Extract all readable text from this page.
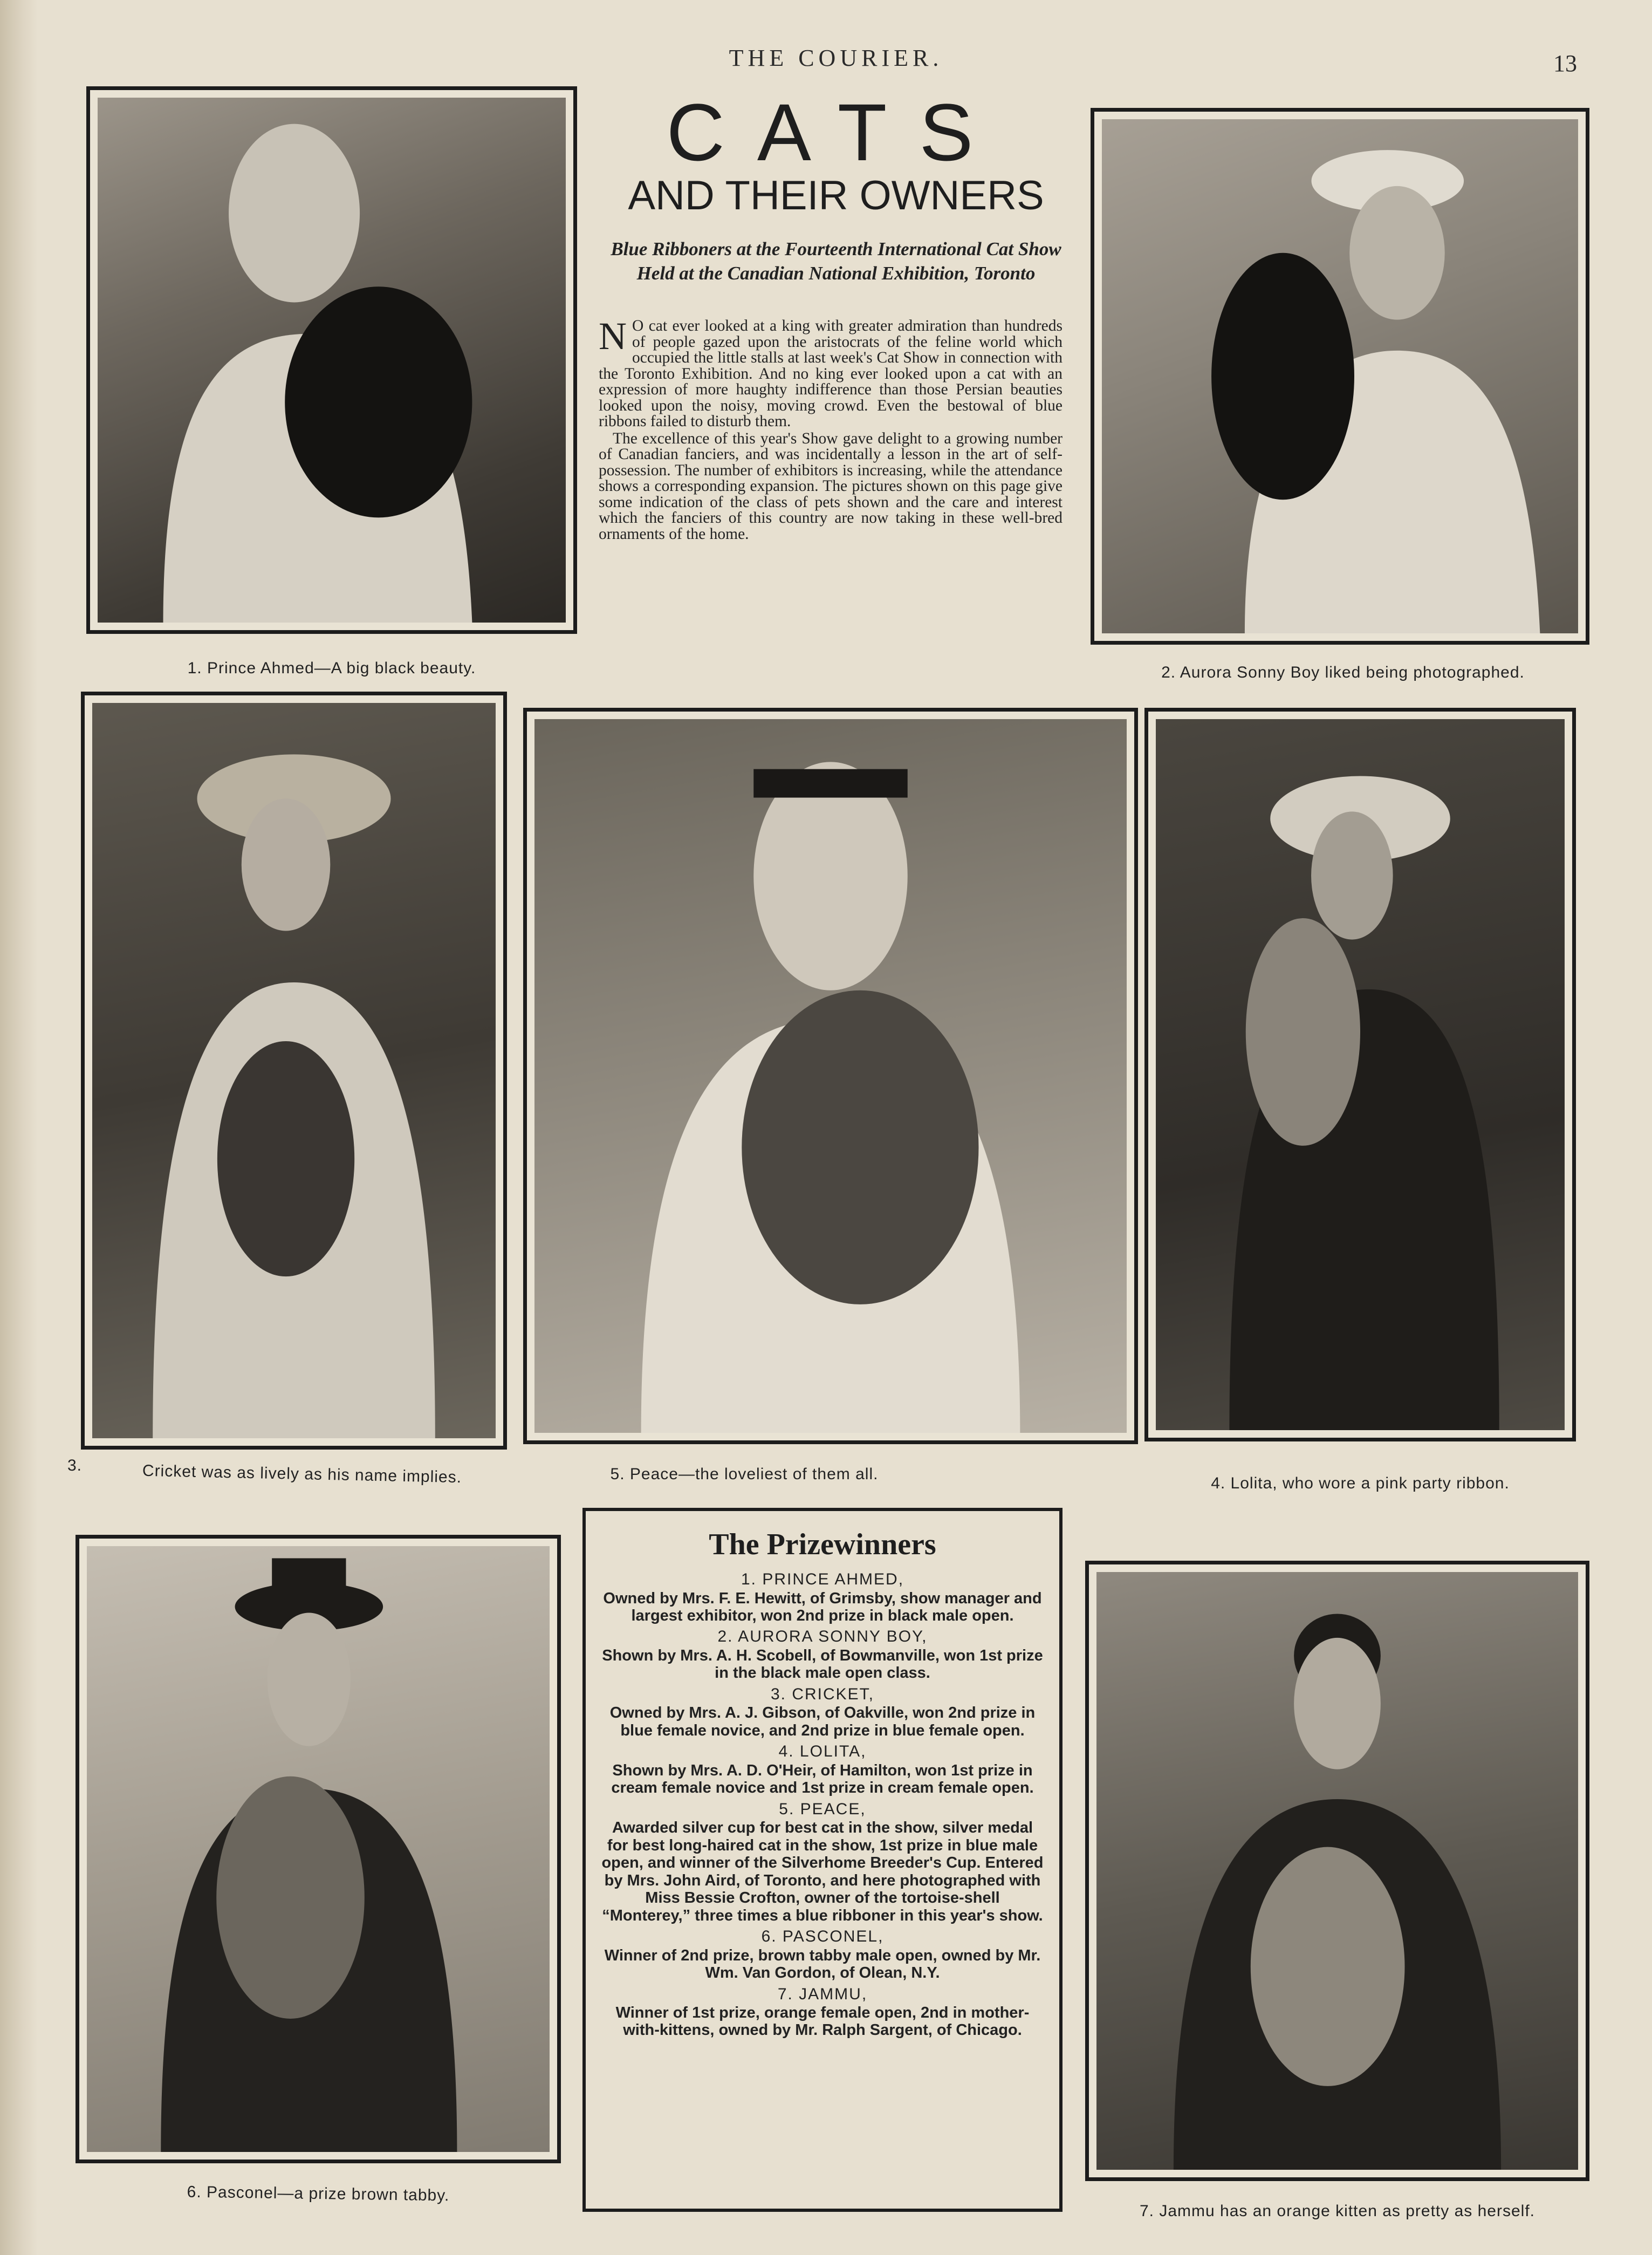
THE COURIER.	13
1. Prince Ahmed—A big black beauty.
CATS
AND THEIR OWNERS
Blue Ribboners at the Fourteenth International Cat Show Held at the Canadian National Exhibition, Toronto

N O cat ever looked at a king with greater admiration than hundreds of people gazed upon the aristocrats of the feline world which occupied the little stalls at last week's Cat Show in connection with the Toronto Exhibition. And no king ever looked upon a cat with an expression of more haughty indifference than those Persian beauties looked upon the noisy, moving crowd. Even the bestowal of blue ribbons failed to disturb them.

The excellence of this year's Show gave delight to a growing number of Canadian fanciers, and was incidentally a lesson in the art of self-possession. The number of exhibitors is increasing, while the attendance shows a corresponding expansion. The pictures shown on this page give some indication of the class of pets shown and the care and interest which the fanciers of this country are now taking in these well-bred ornaments of the home.

2. Aurora Sonny Boy liked being photographed.
3.	Cricket was as lively as his name implies.	5. Peace—the loveliest of them all.
4. Lolita, who wore a pink party ribbon.
6. Pasconel—a prize brown tabby.
The Prizewinners

1. PRINCE AHMED,

Owned by Mrs. F. E. Hewitt, of Grimsby, show manager and largest exhibitor, won 2nd prize in black male open.

2. AURORA SONNY BOY,

Shown by Mrs. A. H. Scobell, of Bowmanville, won 1st prize in the black male open class.

3. CRICKET,

Owned by Mrs. A. J. Gibson, of Oakville, won 2nd prize in blue female novice, and 2nd prize in blue female open.

4. LOLITA,

Shown by Mrs. A. D. O'Heir, of Hamilton, won 1st prize in cream female novice and 1st prize in cream female open.

5. PEACE,

Awarded silver cup for best cat in the show, silver medal for best long-haired cat in the show, 1st prize in blue male open, and winner of the Silverhome Breeder's Cup. Entered by Mrs. John Aird, of Toronto, and here photographed with Miss Bessie Crofton, owner of the tortoise-shell “Monterey,” three times a blue ribboner in this year's show.

6. PASCONEL,

Winner of 2nd prize, brown tabby male open, owned by Mr. Wm. Van Gordon, of Olean, N.Y.

7. JAMMU,

Winner of 1st prize, orange female open, 2nd in mother-with-kittens, owned by Mr. Ralph Sargent, of Chicago.

7. Jammu has an orange kitten as pretty as herself.
